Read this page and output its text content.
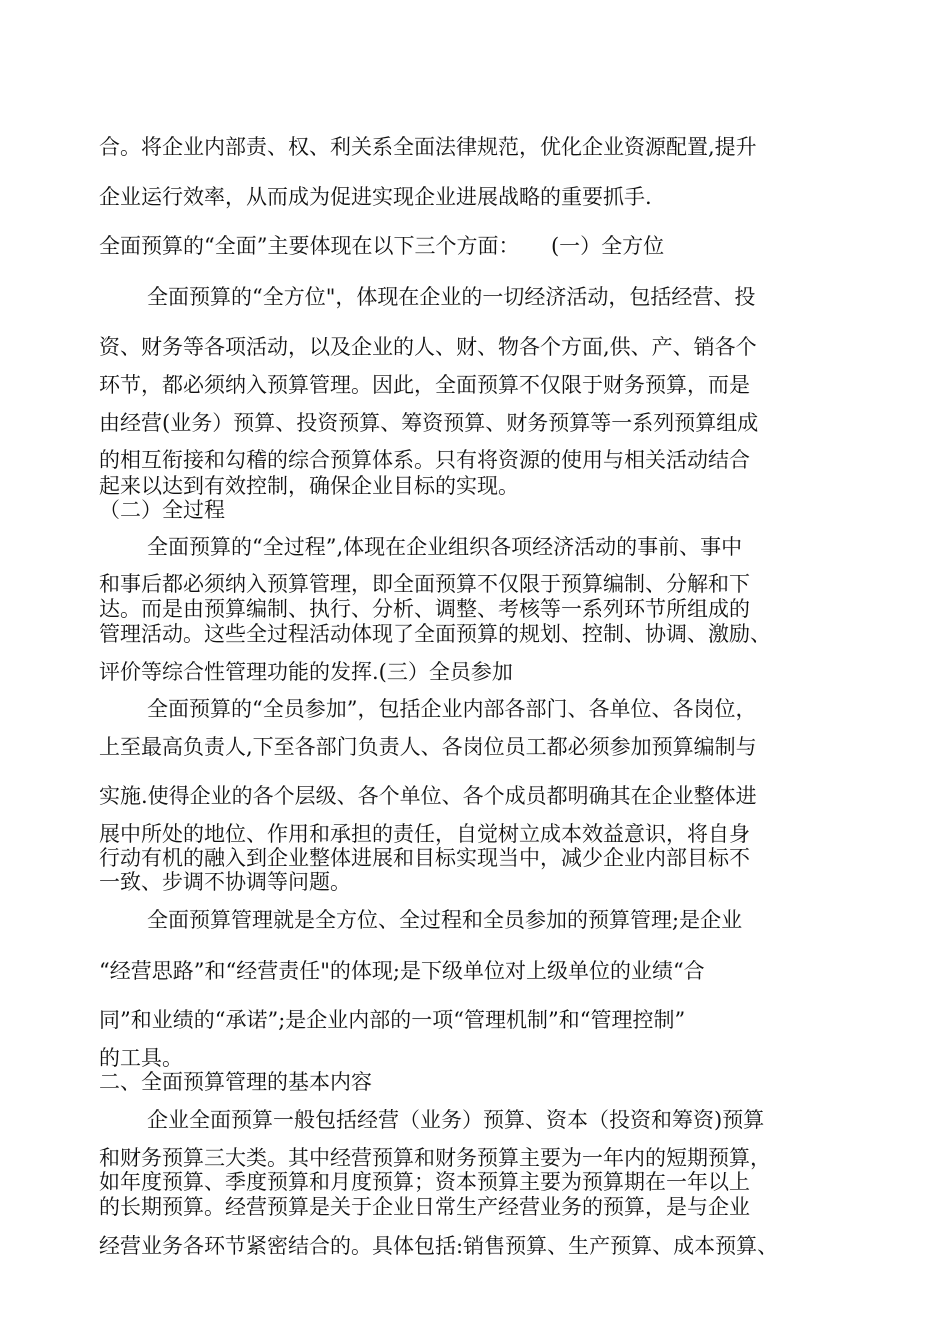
合。将企业内部责、权、利关系全面法律规范，优化企业资源配置,提升
企业运行效率，从而成为促进实现企业进展战略的重要抓手.
全面预算的“全面”主要体现在以下三个方面：　　(一）全方位
全面预算的“全方位"，体现在企业的一切经济活动，包括经营、投
资、财务等各项活动，以及企业的人、财、物各个方面,供、产、销各个
环节，都必须纳入预算管理。因此，全面预算不仅限于财务预算，而是
由经营(业务）预算、投资预算、筹资预算、财务预算等一系列预算组成
的相互衔接和勾稽的综合预算体系。只有将资源的使用与相关活动结合
起来以达到有效控制，确保企业目标的实现。
（二）全过程
全面预算的“全过程”,体现在企业组织各项经济活动的事前、事中
和事后都必须纳入预算管理，即全面预算不仅限于预算编制、分解和下
达。而是由预算编制、执行、分析、调整、考核等一系列环节所组成的
管理活动。这些全过程活动体现了全面预算的规划、控制、协调、激励、
评价等综合性管理功能的发挥.(三）全员参加
全面预算的“全员参加”，包括企业内部各部门、各单位、各岗位，
上至最高负责人,下至各部门负责人、各岗位员工都必须参加预算编制与
实施.使得企业的各个层级、各个单位、各个成员都明确其在企业整体进
展中所处的地位、作用和承担的责任，自觉树立成本效益意识，将自身
行动有机的融入到企业整体进展和目标实现当中，减少企业内部目标不
一致、步调不协调等问题。
全面预算管理就是全方位、全过程和全员参加的预算管理;是企业
“经营思路”和“经营责任"的体现;是下级单位对上级单位的业绩“合
同”和业绩的“承诺”;是企业内部的一项“管理机制”和“管理控制”
的工具。
二、全面预算管理的基本内容
企业全面预算一般包括经营（业务）预算、资本（投资和筹资)预算
和财务预算三大类。其中经营预算和财务预算主要为一年内的短期预算，
如年度预算、季度预算和月度预算；资本预算主要为预算期在一年以上
的长期预算。经营预算是关于企业日常生产经营业务的预算，是与企业
经营业务各环节紧密结合的。具体包括:销售预算、生产预算、成本预算、
